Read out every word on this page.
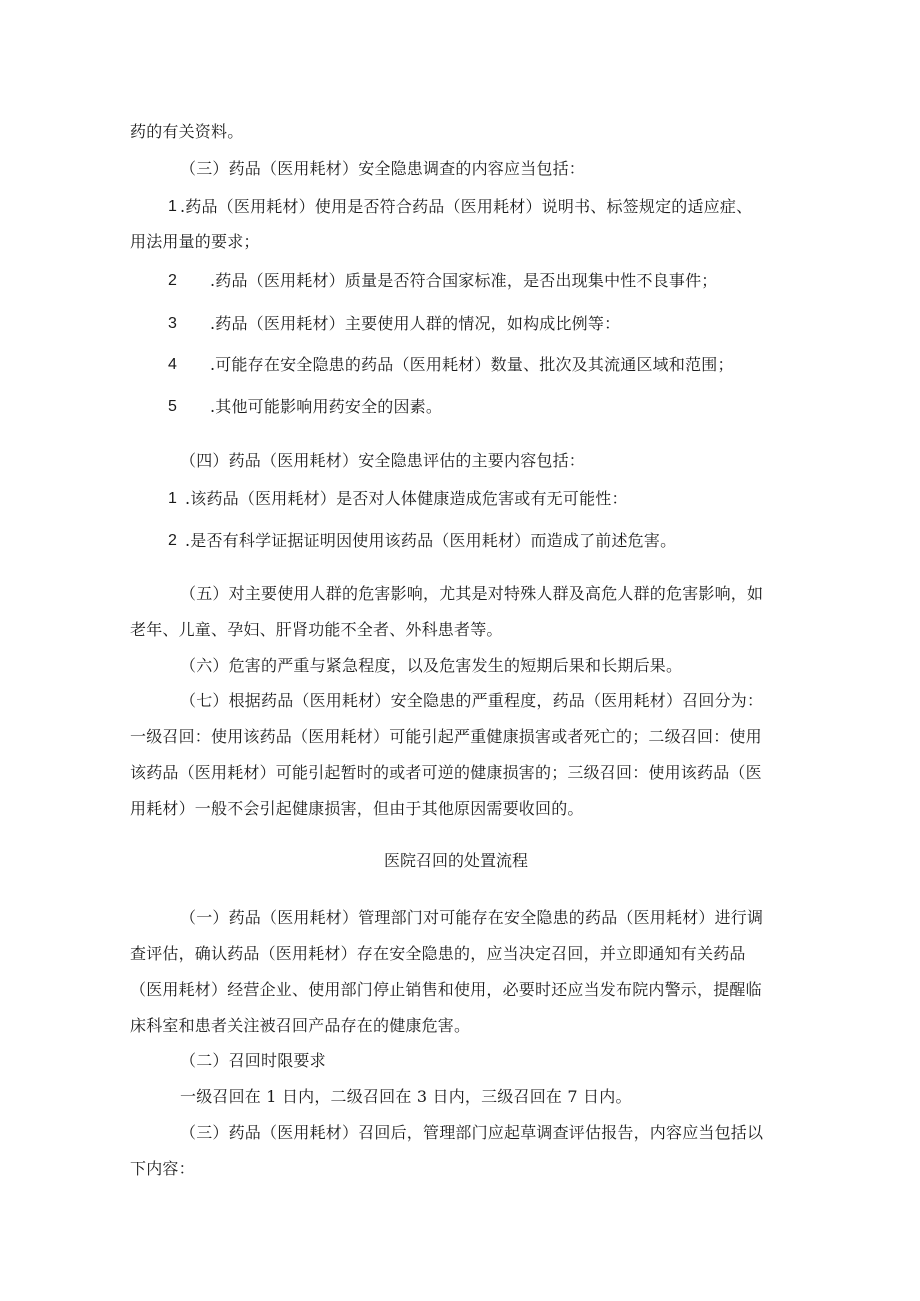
药的有关资料。
（三）药品（医用耗材）安全隐患调查的内容应当包括：
1 .药品（医用耗材）使用是否符合药品（医用耗材）说明书、标签规定的适应症、
用法用量的要求；
2 .药品（医用耗材）质量是否符合国家标准，是否出现集中性不良事件；
3 .药品（医用耗材）主要使用人群的情况，如构成比例等：
4 .可能存在安全隐患的药品（医用耗材）数量、批次及其流通区域和范围；
5 .其他可能影响用药安全的因素。
（四）药品（医用耗材）安全隐患评估的主要内容包括：
1 .该药品（医用耗材）是否对人体健康造成危害或有无可能性：
2 .是否有科学证据证明因使用该药品（医用耗材）而造成了前述危害。
（五）对主要使用人群的危害影响，尤其是对特殊人群及高危人群的危害影响，如
老年、儿童、孕妇、肝肾功能不全者、外科患者等。
（六）危害的严重与紧急程度，以及危害发生的短期后果和长期后果。
（七）根据药品（医用耗材）安全隐患的严重程度，药品（医用耗材）召回分为：
一级召回：使用该药品（医用耗材）可能引起严重健康损害或者死亡的；二级召回：使用
该药品（医用耗材）可能引起暂时的或者可逆的健康损害的；三级召回：使用该药品（医
用耗材）一般不会引起健康损害，但由于其他原因需要收回的。
医院召回的处置流程
（一）药品（医用耗材）管理部门对可能存在安全隐患的药品（医用耗材）进行调
查评估，确认药品（医用耗材）存在安全隐患的，应当决定召回，并立即通知有关药品
（医用耗材）经营企业、使用部门停止销售和使用，必要时还应当发布院内警示，提醒临
床科室和患者关注被召回产品存在的健康危害。
（二）召回时限要求
一级召回在 1 日内，二级召回在 3 日内，三级召回在 7 日内。
（三）药品（医用耗材）召回后，管理部门应起草调查评估报告，内容应当包括以
下内容：
